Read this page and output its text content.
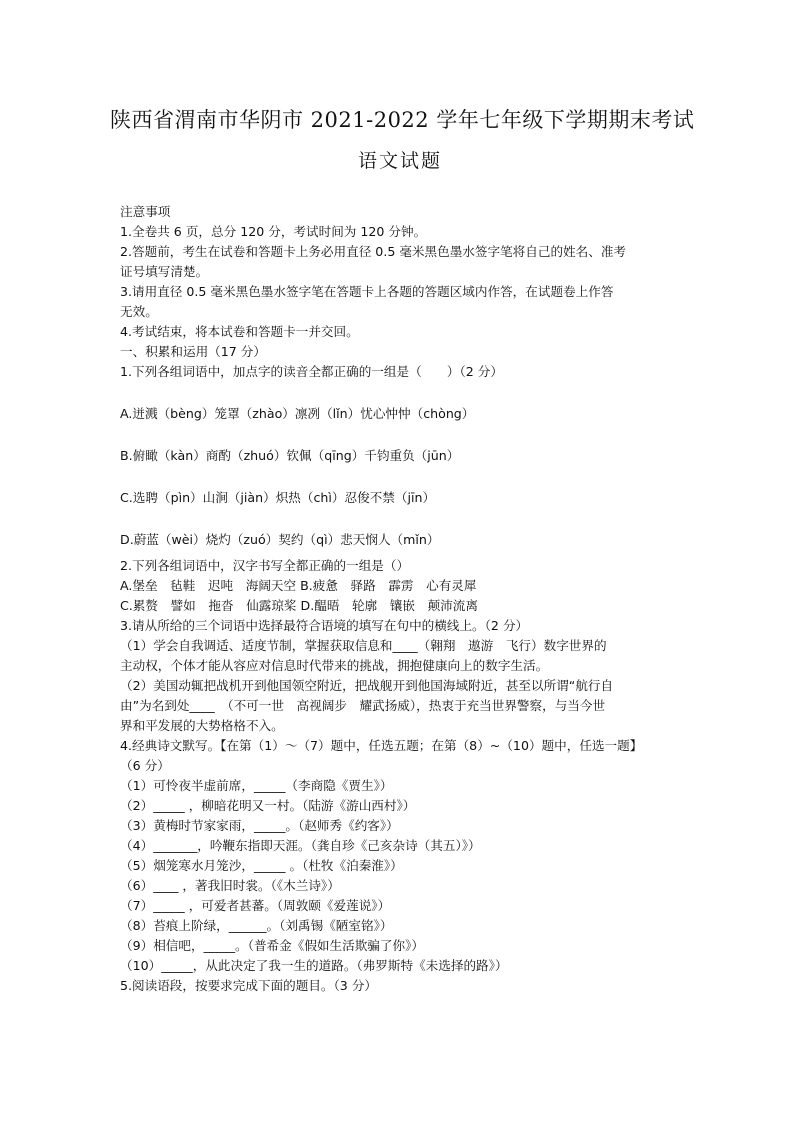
陕西省渭南市华阴市 2021-2022 学年七年级下学期期末考试
语文试题
注意事项
1.全卷共 6 页，总分 120 分，考试时间为 120 分钟。
2.答题前，考生在试卷和答题卡上务必用直径 0.5 毫米黑色墨水签字笔将自己的姓名、准考
证号填写清楚。
3.请用直径 0.5 毫米黑色墨水签字笔在答题卡上各题的答题区域内作答，在试题卷上作答
无效。
4.考试结束，将本试卷和答题卡一并交回。
一、积累和运用（17 分）
1.下列各组词语中，加点字的读音全都正确的一组是（　　）（2 分）
A.迸溅（bèng）笼罩（zhào）凛冽（lǐn）忧心忡忡（chòng）
B.俯瞰（kàn）商酌（zhuó）钦佩（qīng）千钧重负（jūn）
C.选聘（pìn）山涧（jiàn）炽热（chì）忍俊不禁（jīn）
D.蔚蓝（wèi）烧灼（zuó）契约（qì）悲天悯人（mǐn）
2.下列各组词语中，汉字书写全都正确的一组是（）
A.堡垒　毡鞋　迟吨　海阔天空 B.疲惫　驿路　霹雳　心有灵犀
C.累赘　譬如　拖沓　仙露琼桨 D.醖晤　轮廓　镶嵌　颠沛流离
3.请从所给的三个词语中选择最符合语境的填写在句中的横线上。（2 分）
（1）学会自我调适、适度节制，掌握获取信息和____（翱翔　遨游　飞行）数字世界的
主动权，个体才能从容应对信息时代带来的挑战，拥抱健康向上的数字生活。
（2）美国动辄把战机开到他国领空附近，把战舰开到他国海域附近，甚至以所谓“航行自
由”为名到处____　（不可一世　高视阔步　耀武扬威），热衷于充当世界警察，与当今世
界和平发展的大势格格不入。
4.经典诗文默写。【在第（1）～（7）题中，任选五题；在第（8）~（10）题中，任选一题】
（6 分）
（1）可怜夜半虚前席，_____（李商隐《贾生》）
（2）_____ ，柳暗花明又一村。（陆游《游山西村》）
（3）黄梅时节家家雨，_____。（赵师秀《约客》）
（4）_______，吟鞭东指即天涯。（龚自珍《己亥杂诗（其五）》）
（5）烟笼寒水月笼沙，_____ 。（杜牧《泊秦淮》）
（6）____ ，著我旧时裳。（《木兰诗》）
（7）_____ ，可爱者甚蕃。（周敦颐《爱莲说》）
（8）苔痕上阶绿，______。（刘禹锡《陋室铭》）
（9）相信吧，_____。（普希金《假如生活欺骗了你》）
（10）_____，从此决定了我一生的道路。（弗罗斯特《未选择的路》）
5.阅读语段，按要求完成下面的题目。（3 分）
